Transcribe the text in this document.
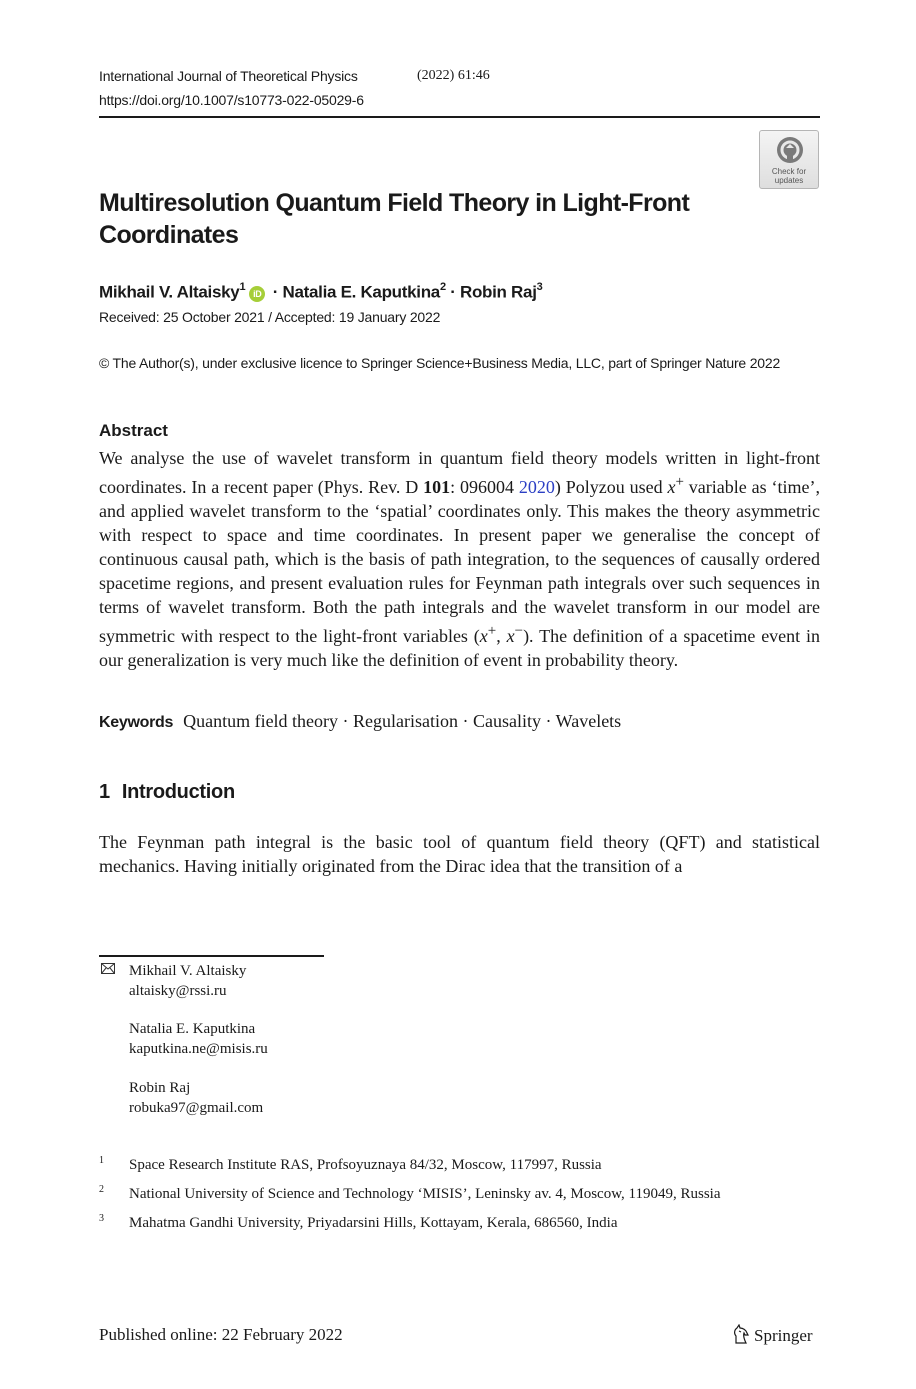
International Journal of Theoretical Physics	(2022) 61:46
https://doi.org/10.1007/s10773-022-05029-6
Check for
updates
Multiresolution Quantum Field Theory in Light-Front Coordinates
Mikhail V. Altaisky$^1$iD · Natalia E. Kaputkina$^2$ · Robin Raj$^3$
Received: 25 October 2021 / Accepted: 19 January 2022
© The Author(s), under exclusive licence to Springer Science+Business Media, LLC, part of Springer Nature 2022
Abstract
We analyse the use of wavelet transform in quantum field theory models written in light-front coordinates. In a recent paper (Phys. Rev. D 101: 096004 2020) Polyzou used x+ variable as ‘time’, and applied wavelet transform to the ‘spatial’ coordinates only. This makes the theory asymmetric with respect to space and time coordinates. In present paper we generalise the concept of continuous causal path, which is the basis of path integration, to the sequences of causally ordered spacetime regions, and present evaluation rules for Feynman path integrals over such sequences in terms of wavelet transform. Both the path integrals and the wavelet transform in our model are symmetric with respect to the light-front variables (x+, x−). The definition of a spacetime event in our generalization is very much like the definition of event in probability theory.
Keywords Quantum field theory · Regularisation · Causality · Wavelets
1 Introduction
The Feynman path integral is the basic tool of quantum field theory (QFT) and statistical mechanics. Having initially originated from the Dirac idea that the transition of a
Mikhail V. Altaisky
altaisky@rssi.ru
Natalia E. Kaputkina
kaputkina.ne@misis.ru
Robin Raj
robuka97@gmail.com
1 Space Research Institute RAS, Profsoyuznaya 84/32, Moscow, 117997, Russia
2 National University of Science and Technology ‘MISIS’, Leninsky av. 4, Moscow, 119049, Russia
3 Mahatma Gandhi University, Priyadarsini Hills, Kottayam, Kerala, 686560, India
Published online: 22 February 2022	Springer
